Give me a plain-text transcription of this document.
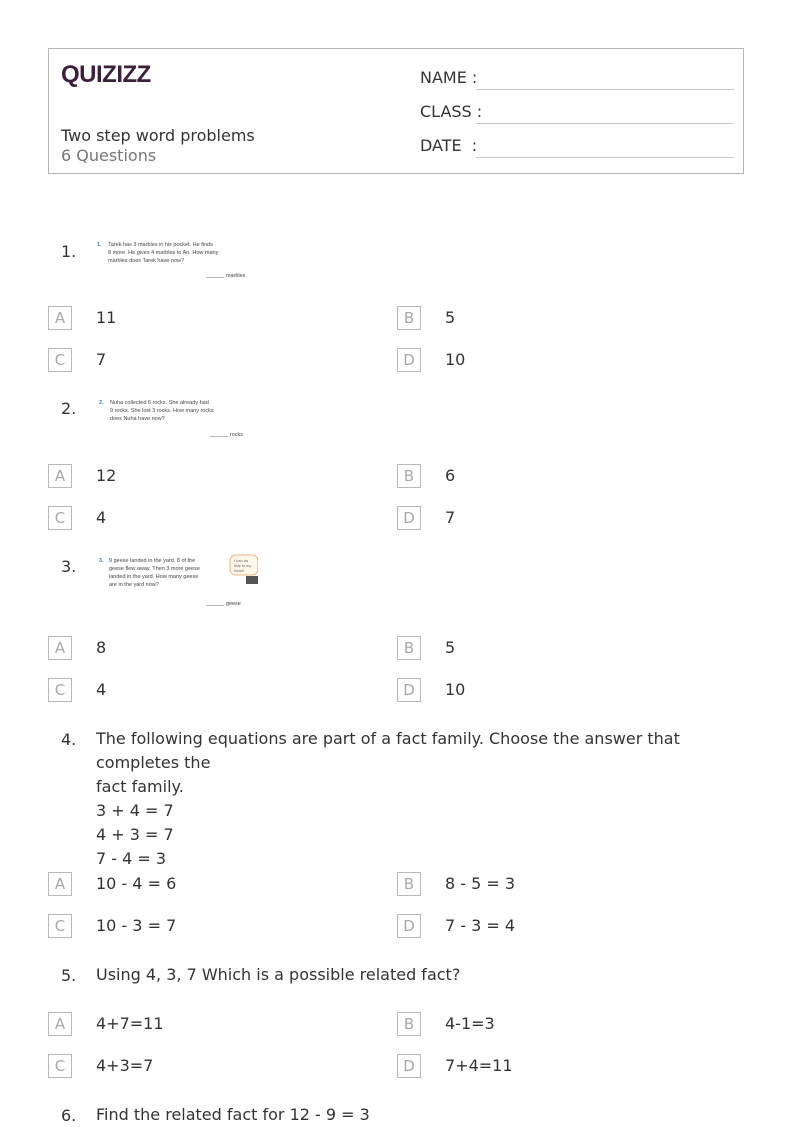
QUIZIZZ
Two step word problems
6 Questions
NAME :
CLASS :
DATE  :
1.	1. Tarek has 3 marbles in his pocket. He finds
8 more. He gives 4 marbles to Ari. How many
marbles does Tarek have now?
______ marbles
A	11	B	5
C	7	D	10
2.	2. Nuha collected 6 rocks. She already had
9 rocks. She lost 3 rocks. How many rocks
does Nuha have now?
______ rocks
A	12	B	6
C	4	D	7
3.	3. 9 geese landed in the yard. 8 of the
geese flew away. Then 3 more geese
landed in the yard. How many geese
are in the yard now?
______ geese
I can do
that in my
head!
A	8	B	5
C	4	D	10
4. The following equations are part of a fact family. Choose the answer that completes the
fact family.
3 + 4 = 7
4 + 3 = 7
7 - 4 = 3
A	10 - 4 = 6	B	8 - 5 = 3
C	10 - 3 = 7	D	7 - 3 = 4
5. Using 4, 3, 7 Which is a possible related fact?
A	4+7=11	B	4-1=3
C	4+3=7	D	7+4=11
6. Find the related fact for 12 - 9 = 3
